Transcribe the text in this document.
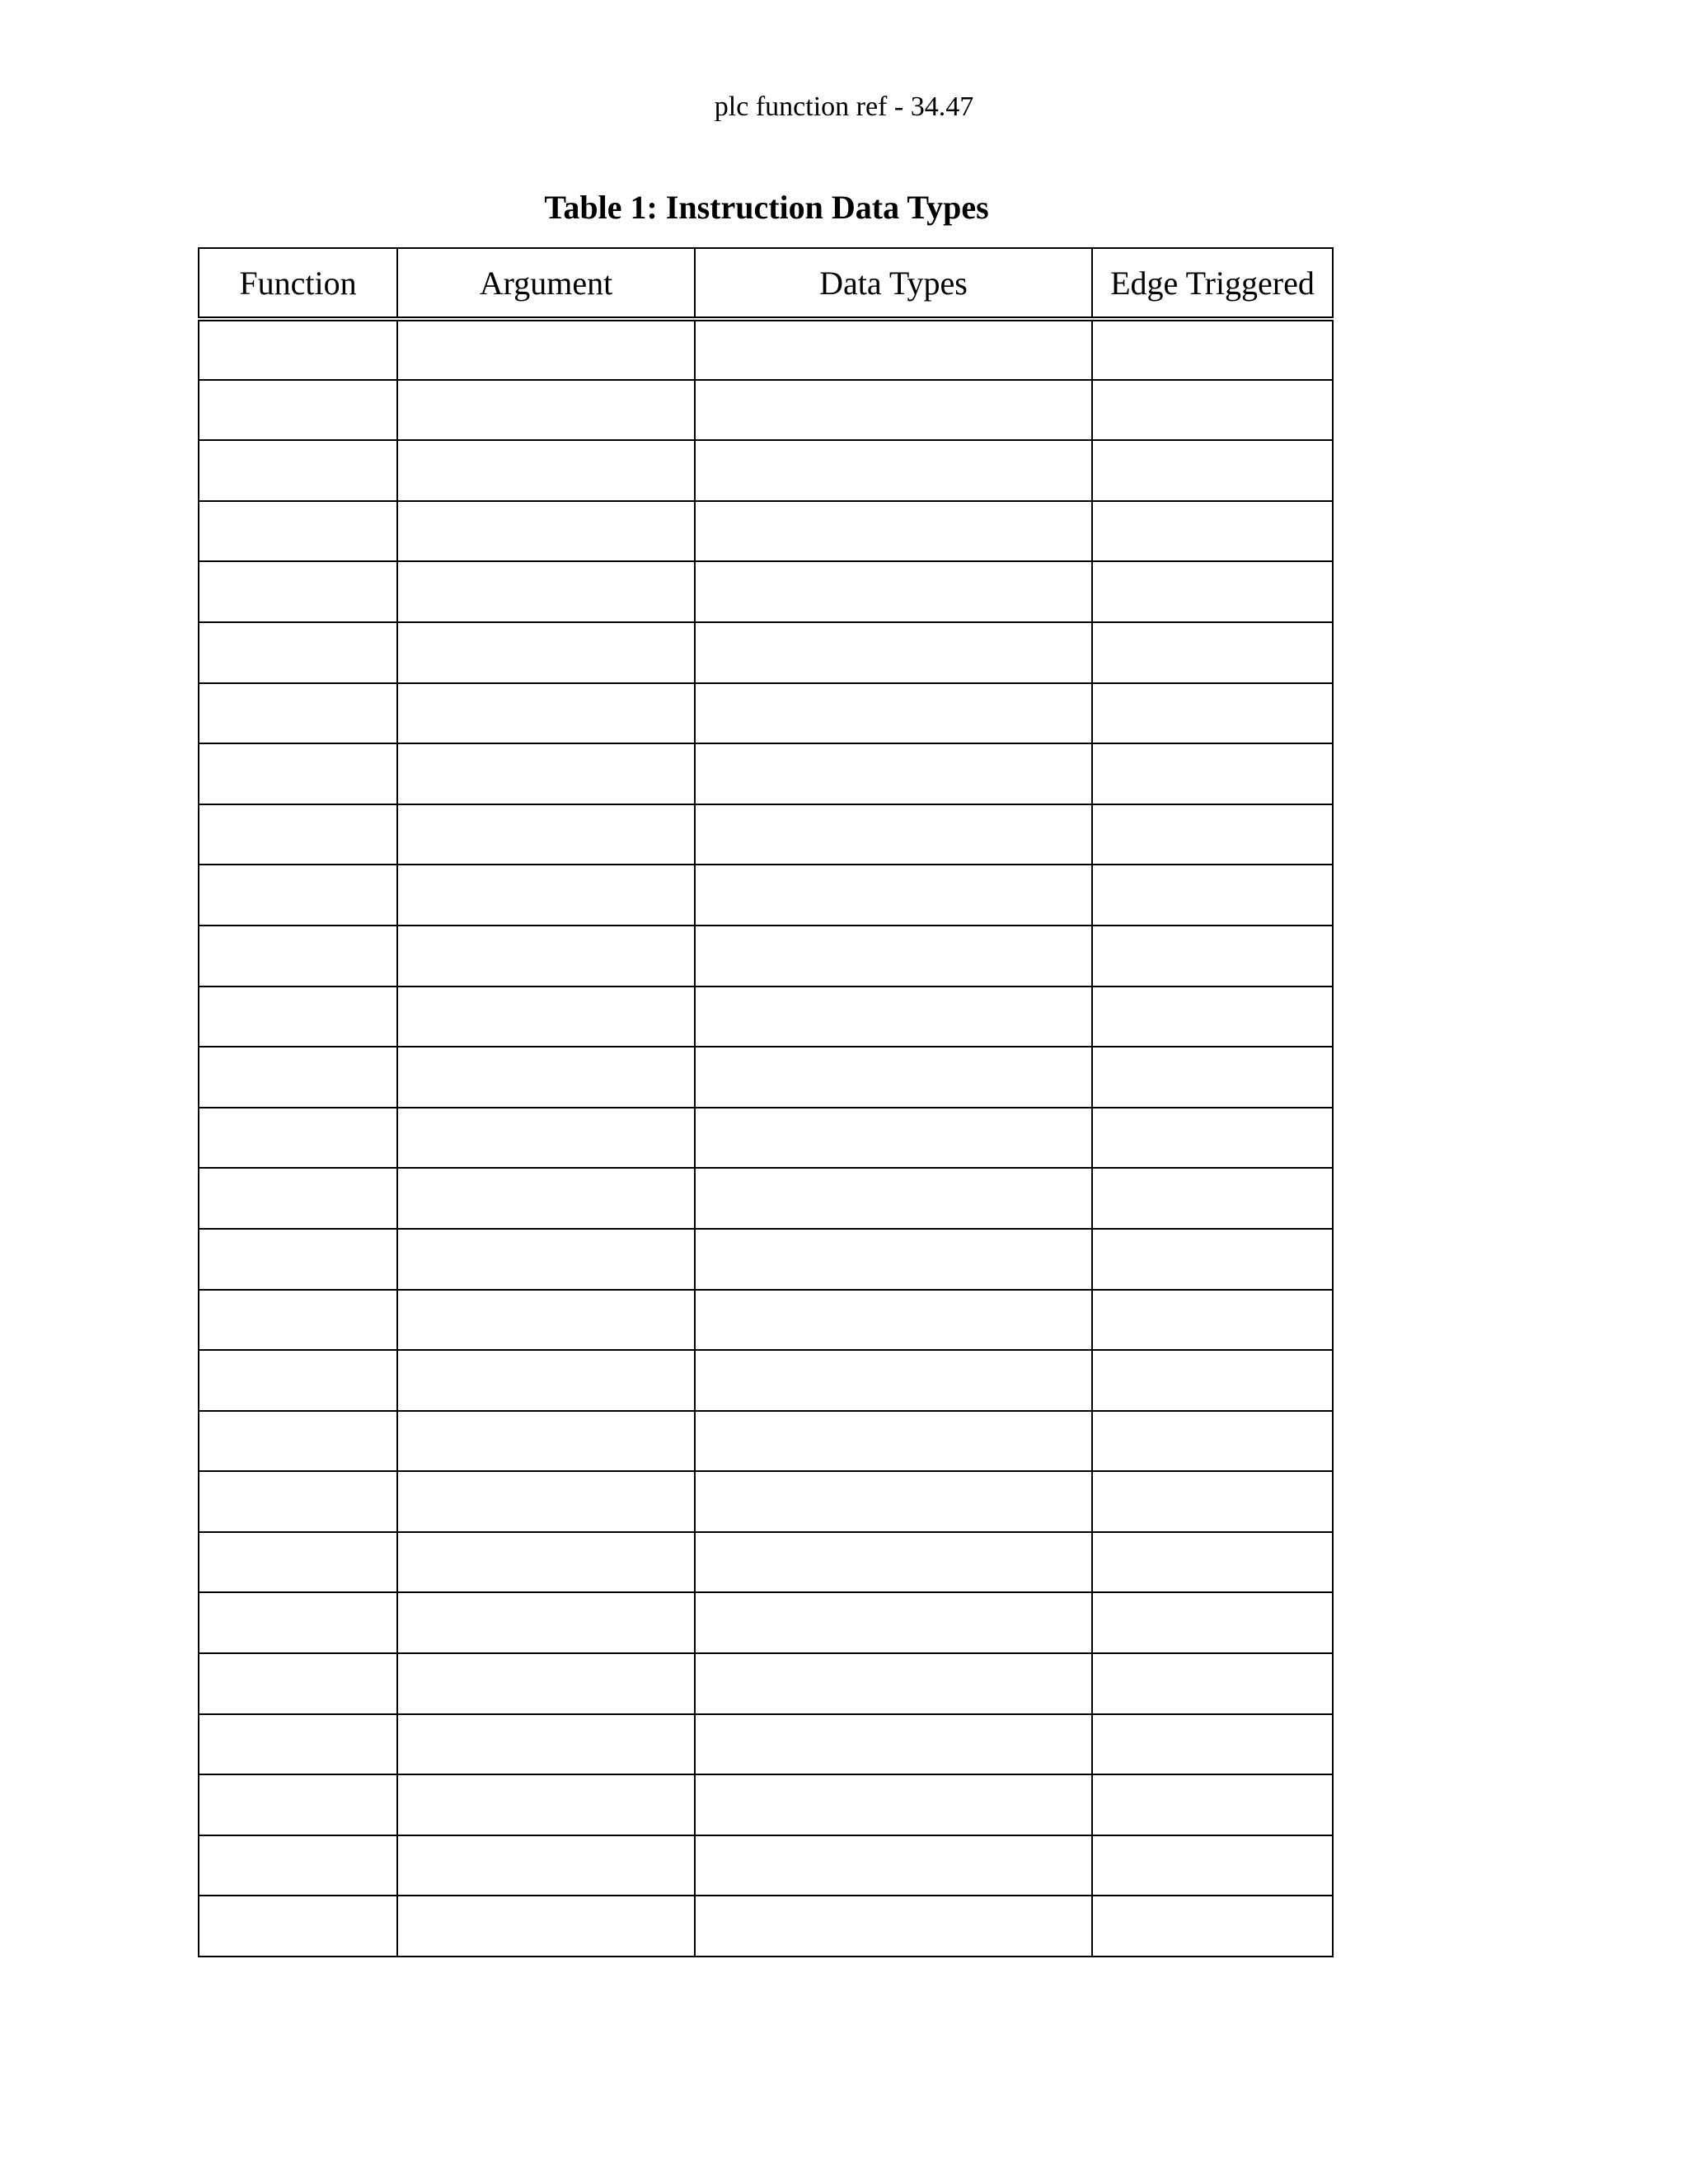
plc function ref - 34.47
Table 1: Instruction Data Types
Function	Argument	Data Types	Edge Triggered
